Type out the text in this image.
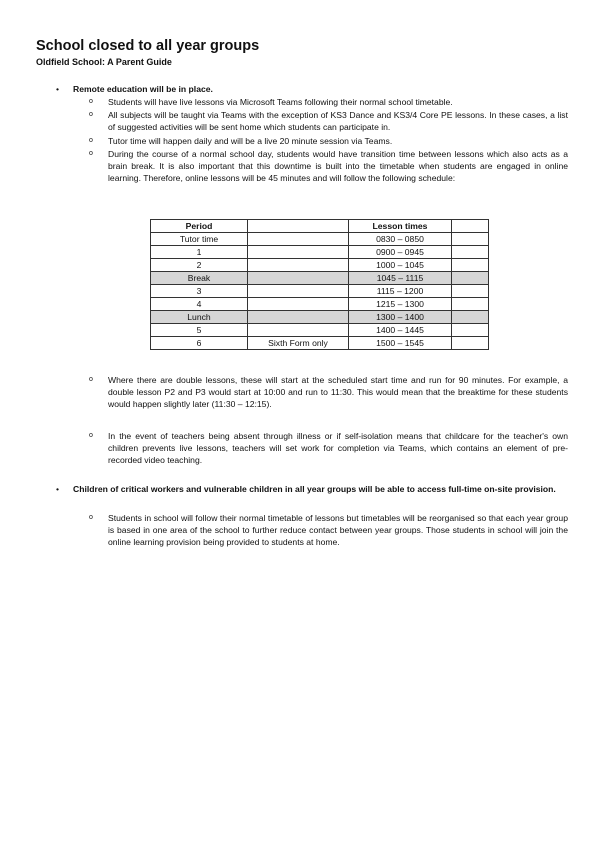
School closed to all year groups
Oldfield School: A Parent Guide
• Remote education will be in place.
o Students will have live lessons via Microsoft Teams following their normal school timetable.
o All subjects will be taught via Teams with the exception of KS3 Dance and KS3/4 Core PE lessons. In these cases, a list of suggested activities will be sent home which students can participate in.
o Tutor time will happen daily and will be a live 20 minute session via Teams.
o During the course of a normal school day, students would have transition time between lessons which also acts as a brain break. It is also important that this downtime is built into the timetable when students are engaged in online learning. Therefore, online lessons will be 45 minutes and will follow the following schedule:
Period		Lesson times	
Tutor time		0830 – 0850	
1		0900 – 0945	
2		1000 – 1045	
Break		1045 – 1115	
3		1115 – 1200	
4		1215 – 1300	
Lunch		1300 – 1400	
5		1400 – 1445	
6	Sixth Form only	1500 – 1545	
o Where there are double lessons, these will start at the scheduled start time and run for 90 minutes. For example, a double lesson P2 and P3 would start at 10:00 and run to 11:30. This would mean that the breaktime for these students would happen slightly later (11:30 – 12:15).
o In the event of teachers being absent through illness or if self-isolation means that childcare for the teacher's own children prevents live lessons, teachers will set work for completion via Teams, which contains an element of pre-recorded video teaching.
• Children of critical workers and vulnerable children in all year groups will be able to access full-time on-site provision.
o Students in school will follow their normal timetable of lessons but timetables will be reorganised so that each year group is based in one area of the school to further reduce contact between year groups. Those students in school will join the online learning provision being provided to students at home.
